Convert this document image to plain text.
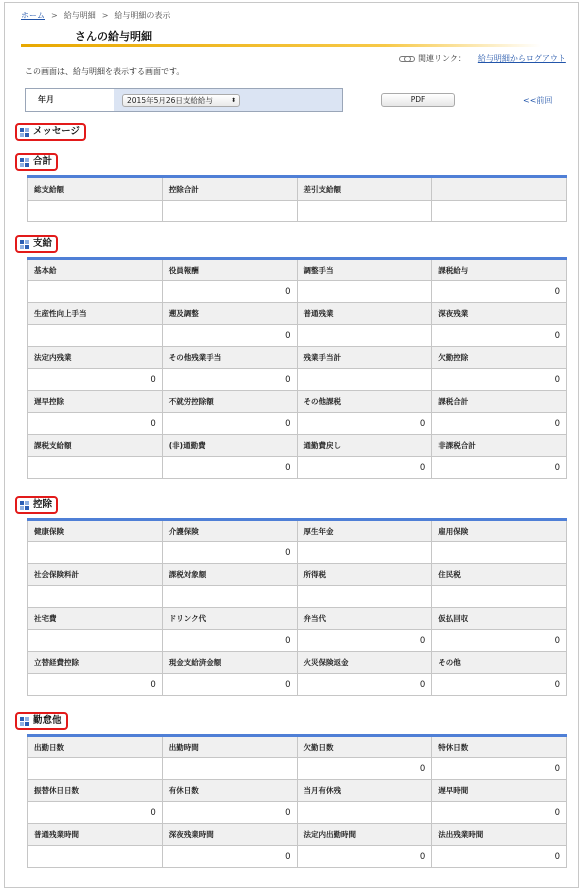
ホーム > 給与明細 > 給与明細の表示
さんの給与明細
関連リンク： 給与明細からログアウト
この画面は、給与明細を表示する画面です。
年月	2015年5月26日支給給与	⬍	PDF	<<前回
メッセージ
合計
総支給額	控除合計	差引支給額	

支給
基本給	役員報酬	調整手当	課税給与
	0		0
生産性向上手当	遡及調整	普通残業	深夜残業
	0		0
法定内残業	その他残業手当	残業手当計	欠勤控除
0	0		0
遅早控除	不就労控除額	その他課税	課税合計
0	0	0	0
課税支給額	(非)通勤費	通勤費戻し	非課税合計
	0	0	0
控除
健康保険	介護保険	厚生年金	雇用保険
	0		
社会保険料計	課税対象額	所得税	住民税

社宅費	ドリンク代	弁当代	仮払回収
	0	0	0
立替経費控除	現金支給済金額	火災保険返金	その他
0	0	0	0
勤怠他
出勤日数	出勤時間	欠勤日数	特休日数
		0	0
振替休日日数	有休日数	当月有休残	遅早時間
0	0		0
普通残業時間	深夜残業時間	法定内出勤時間	法出残業時間
	0	0	0
